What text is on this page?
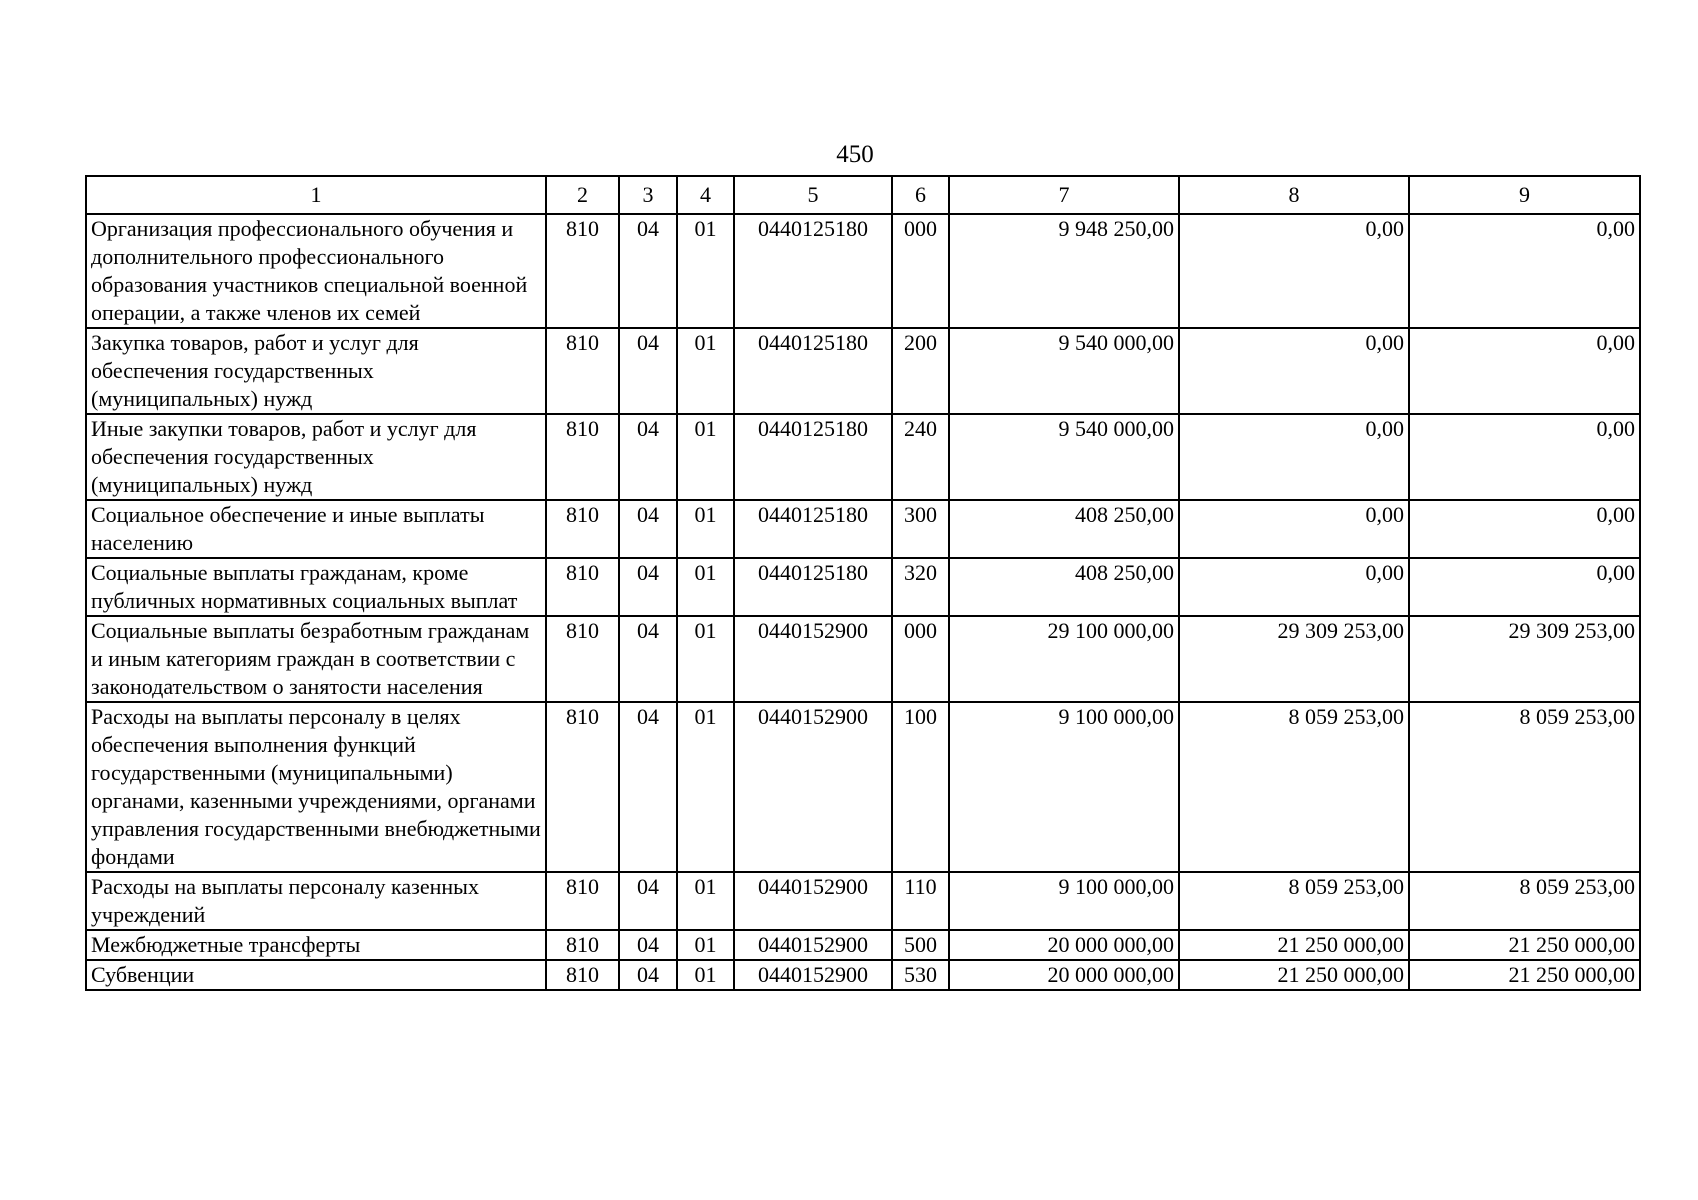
450
1	2	3	4	5	6	7	8	9
Организация профессионального обучения и дополнительного профессионального образования участников специальной военной операции, а также членов их семей	810	04	01	0440125180	000	9 948 250,00	0,00	0,00
Закупка товаров, работ и услуг для обеспечения государственных (муниципальных) нужд	810	04	01	0440125180	200	9 540 000,00	0,00	0,00
Иные закупки товаров, работ и услуг для обеспечения государственных (муниципальных) нужд	810	04	01	0440125180	240	9 540 000,00	0,00	0,00
Социальное обеспечение и иные выплаты населению	810	04	01	0440125180	300	408 250,00	0,00	0,00
Социальные выплаты гражданам, кроме публичных нормативных социальных выплат	810	04	01	0440125180	320	408 250,00	0,00	0,00
Социальные выплаты безработным гражданам и иным категориям граждан в соответствии с законодательством о занятости населения	810	04	01	0440152900	000	29 100 000,00	29 309 253,00	29 309 253,00
Расходы на выплаты персоналу в целях обеспечения выполнения функций государственными (муниципальными) органами, казенными учреждениями, органами управления государственными внебюджетными фондами	810	04	01	0440152900	100	9 100 000,00	8 059 253,00	8 059 253,00
Расходы на выплаты персоналу казенных учреждений	810	04	01	0440152900	110	9 100 000,00	8 059 253,00	8 059 253,00
Межбюджетные трансферты	810	04	01	0440152900	500	20 000 000,00	21 250 000,00	21 250 000,00
Субвенции	810	04	01	0440152900	530	20 000 000,00	21 250 000,00	21 250 000,00
